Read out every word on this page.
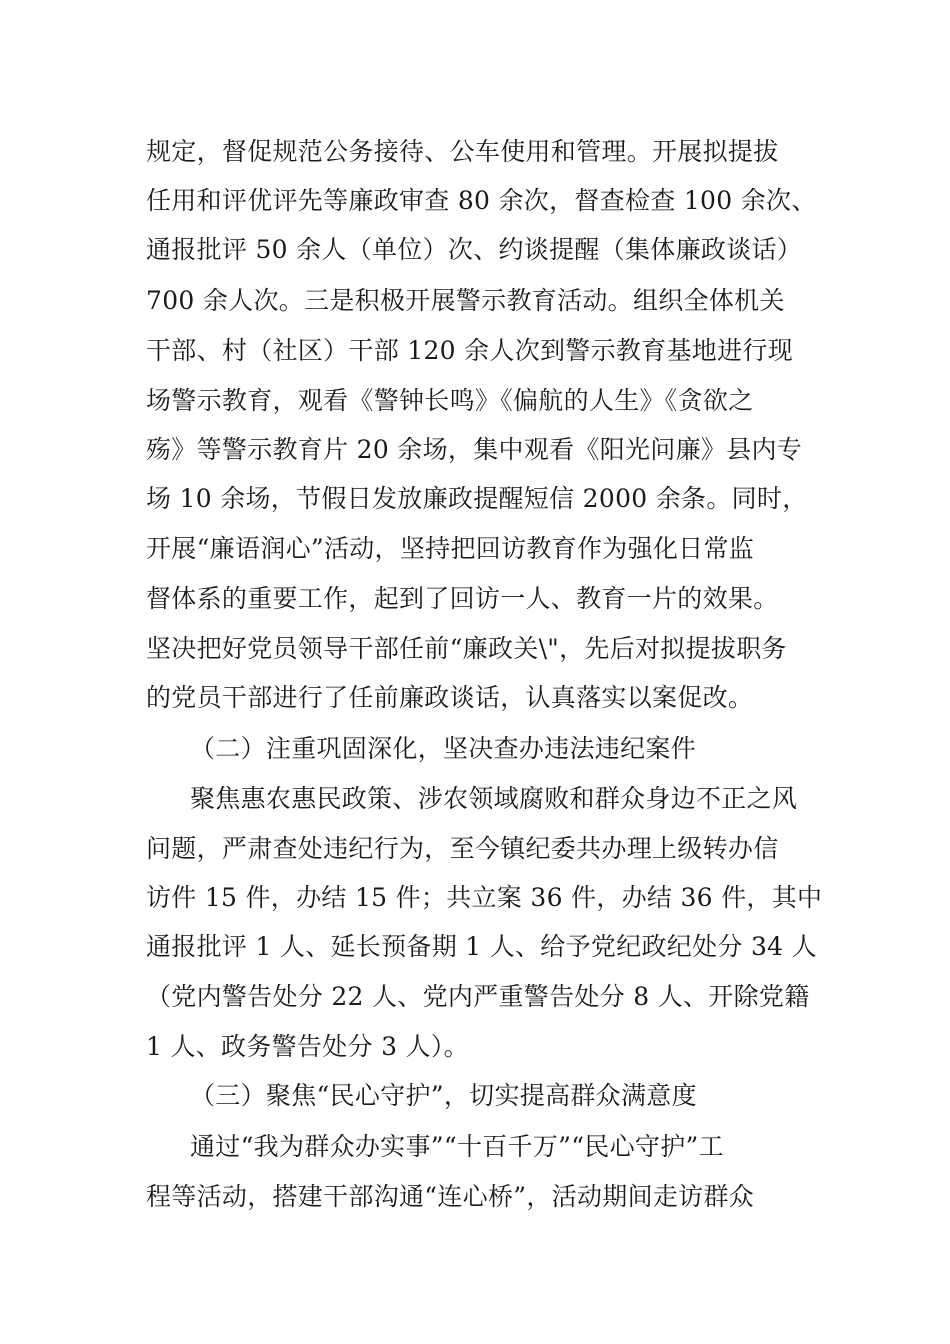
规定，督促规范公务接待、公车使用和管理。开展拟提拔
任用和评优评先等廉政审查 80 余次，督查检查 100 余次、
通报批评 50 余人（单位）次、约谈提醒（集体廉政谈话）
700 余人次。三是积极开展警示教育活动。组织全体机关
干部、村（社区）干部 120 余人次到警示教育基地进行现
场警示教育，观看《警钟长鸣》《偏航的人生》《贪欲之
殇》等警示教育片 20 余场，集中观看《阳光问廉》县内专
场 10 余场，节假日发放廉政提醒短信 2000 余条。同时，
开展“廉语润心”活动，坚持把回访教育作为强化日常监
督体系的重要工作，起到了回访一人、教育一片的效果。
坚决把好党员领导干部任前“廉政关\"，先后对拟提拔职务
的党员干部进行了任前廉政谈话，认真落实以案促改。
（二）注重巩固深化，坚决查办违法违纪案件
聚焦惠农惠民政策、涉农领域腐败和群众身边不正之风
问题，严肃查处违纪行为，至今镇纪委共办理上级转办信
访件 15 件，办结 15 件；共立案 36 件，办结 36 件，其中
通报批评 1 人、延长预备期 1 人、给予党纪政纪处分 34 人
（党内警告处分 22 人、党内严重警告处分 8 人、开除党籍
1 人、政务警告处分 3 人）。
（三）聚焦“民心守护”，切实提高群众满意度
通过“我为群众办实事”“十百千万”“民心守护”工
程等活动，搭建干部沟通“连心桥”，活动期间走访群众
